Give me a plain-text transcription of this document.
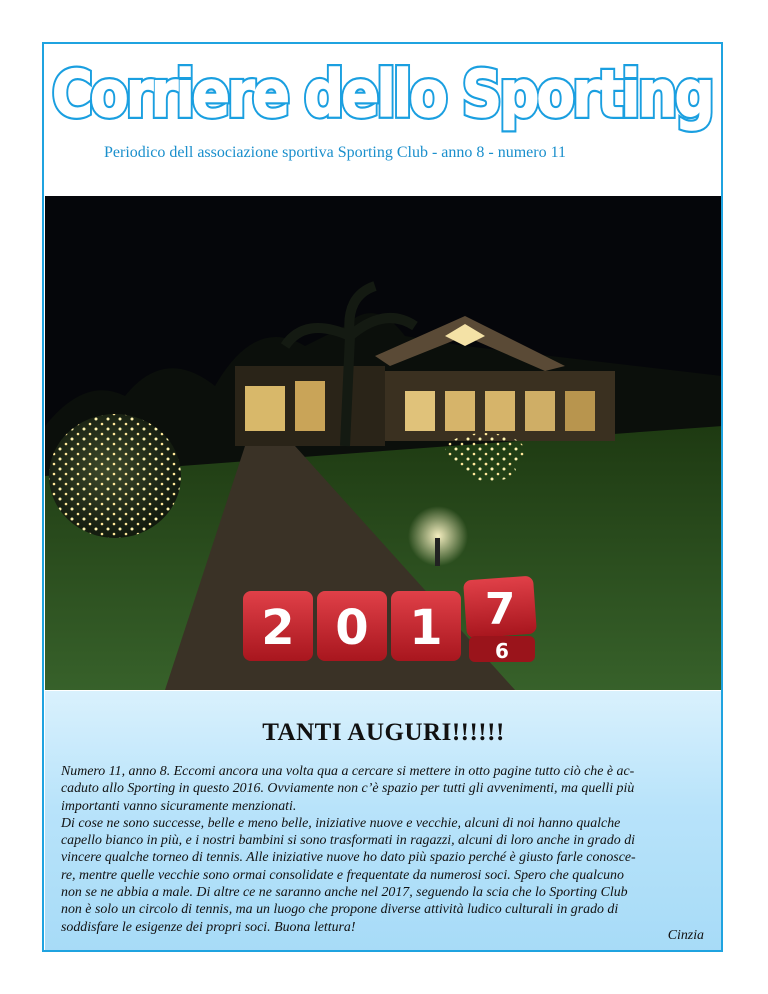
Corriere dello Sporting
Corriere dello Sporting
Periodico dell associazione sportiva Sporting Club - anno 8 - numero 11
2 0 1 7
6
TANTI AUGURI!!!!!!

Numero 11, anno 8. Eccomi ancora una volta qua a cercare si mettere in otto pagine tutto ciò che è ac-

caduto allo Sporting in questo 2016. Ovviamente non c’è spazio per tutti gli avvenimenti, ma quelli più

importanti vanno sicuramente menzionati.

Di cose ne sono successe, belle e meno belle, iniziative nuove e vecchie, alcuni di noi hanno qualche

capello bianco in più, e i nostri bambini si sono trasformati in ragazzi, alcuni di loro anche in grado di

vincere qualche torneo di tennis. Alle iniziative nuove ho dato più spazio perché è giusto farle conosce-

re, mentre quelle vecchie sono ormai consolidate e frequentate da numerosi soci. Spero che qualcuno

non se ne abbia a male. Di altre ce ne saranno anche nel 2017, seguendo la scia che lo Sporting Club

non è solo un circolo di tennis, ma un luogo che propone diverse attività ludico culturali in grado di

soddisfare le esigenze dei propri soci. Buona lettura!

Cinzia
